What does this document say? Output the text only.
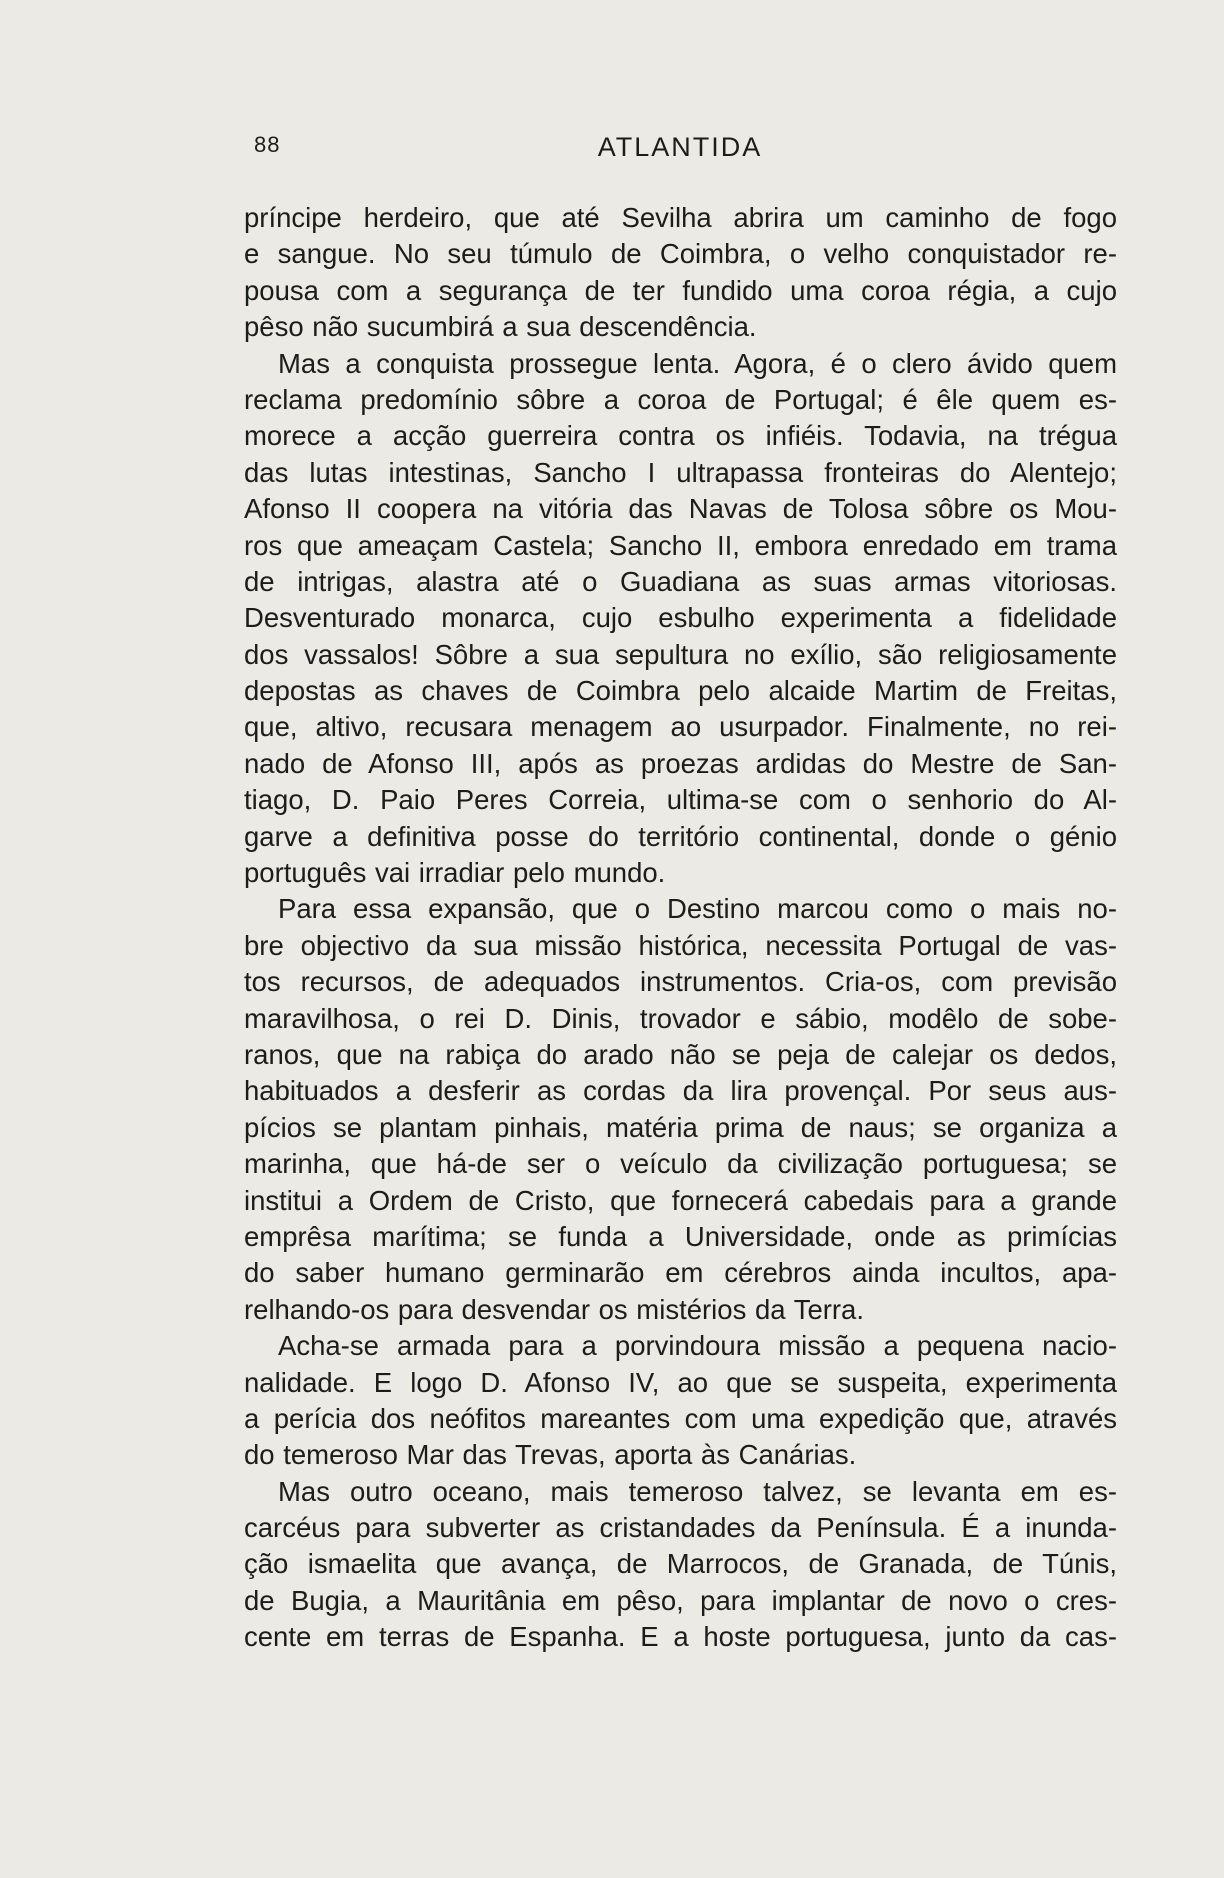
88	ATLANTIDA
príncipe herdeiro, que até Sevilha abrira um caminho de fogo
e sangue. No seu túmulo de Coimbra, o velho conquistador re-
pousa com a segurança de ter fundido uma coroa régia, a cujo
pêso não sucumbirá a sua descendência.
Mas a conquista prossegue lenta. Agora, é o clero ávido quem
reclama predomínio sôbre a coroa de Portugal; é êle quem es-
morece a acção guerreira contra os infiéis. Todavia, na trégua
das lutas intestinas, Sancho I ultrapassa fronteiras do Alentejo;
Afonso II coopera na vitória das Navas de Tolosa sôbre os Mou-
ros que ameaçam Castela; Sancho II, embora enredado em trama
de intrigas, alastra até o Guadiana as suas armas vitoriosas.
Desventurado monarca, cujo esbulho experimenta a fidelidade
dos vassalos! Sôbre a sua sepultura no exílio, são religiosamente
depostas as chaves de Coimbra pelo alcaide Martim de Freitas,
que, altivo, recusara menagem ao usurpador. Finalmente, no rei-
nado de Afonso III, após as proezas ardidas do Mestre de San-
tiago, D. Paio Peres Correia, ultima-se com o senhorio do Al-
garve a definitiva posse do território continental, donde o génio
português vai irradiar pelo mundo.
Para essa expansão, que o Destino marcou como o mais no-
bre objectivo da sua missão histórica, necessita Portugal de vas-
tos recursos, de adequados instrumentos. Cria-os, com previsão
maravilhosa, o rei D. Dinis, trovador e sábio, modêlo de sobe-
ranos, que na rabiça do arado não se peja de calejar os dedos,
habituados a desferir as cordas da lira provençal. Por seus aus-
pícios se plantam pinhais, matéria prima de naus; se organiza a
marinha, que há-de ser o veículo da civilização portuguesa; se
institui a Ordem de Cristo, que fornecerá cabedais para a grande
emprêsa marítima; se funda a Universidade, onde as primícias
do saber humano germinarão em cérebros ainda incultos, apa-
relhando-os para desvendar os mistérios da Terra.
Acha-se armada para a porvindoura missão a pequena nacio-
nalidade. E logo D. Afonso IV, ao que se suspeita, experimenta
a perícia dos neófitos mareantes com uma expedição que, através
do temeroso Mar das Trevas, aporta às Canárias.
Mas outro oceano, mais temeroso talvez, se levanta em es-
carcéus para subverter as cristandades da Península. É a inunda-
ção ismaelita que avança, de Marrocos, de Granada, de Túnis,
de Bugia, a Mauritânia em pêso, para implantar de novo o cres-
cente em terras de Espanha. E a hoste portuguesa, junto da cas-
